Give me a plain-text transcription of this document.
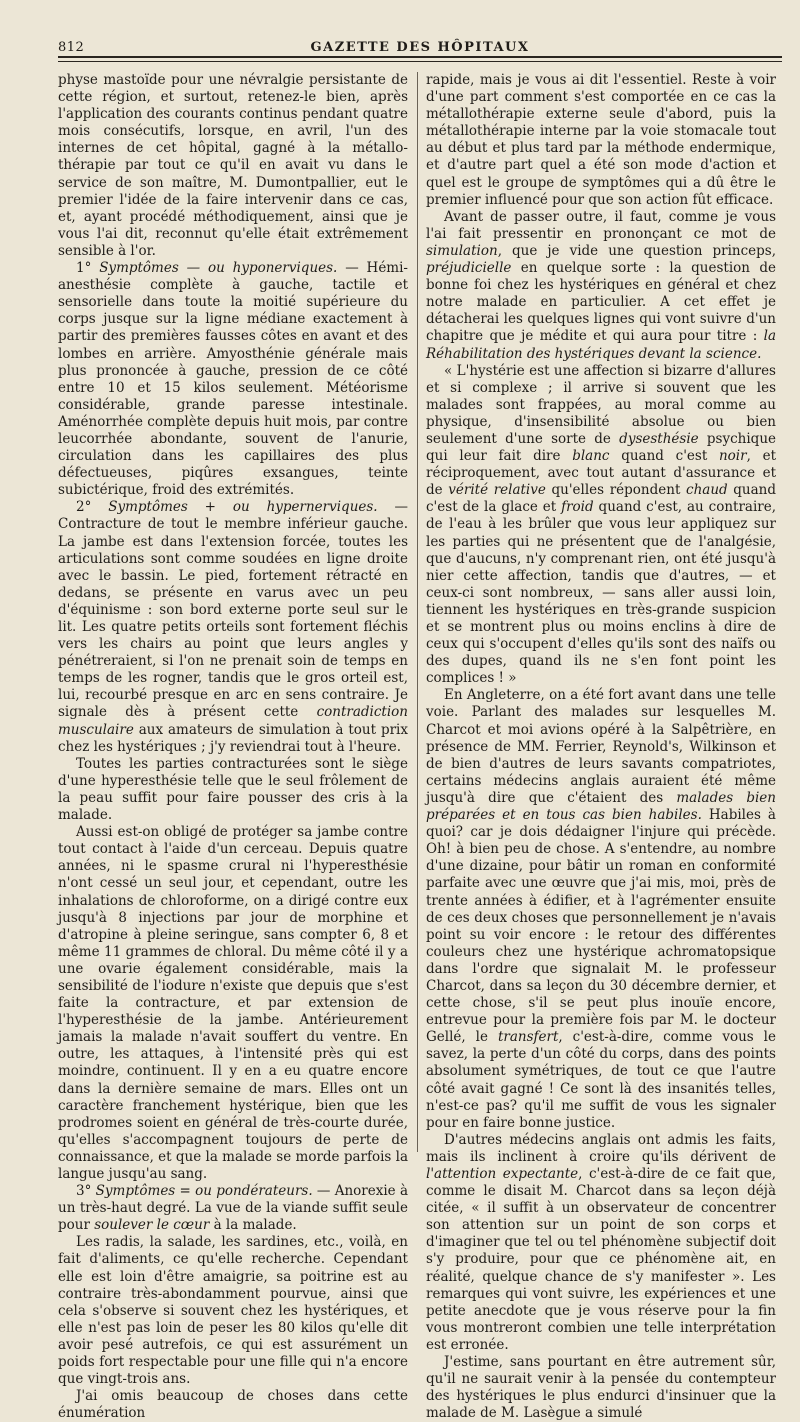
812	GAZETTE DES HÔPITAUX

physe mastoïde pour une névralgie persistante de cette région, et surtout, retenez-le bien, après l'application des courants continus pendant quatre mois consécutifs, lorsque, en avril, l'un des internes de cet hôpital, gagné à la métallo-thérapie par tout ce qu'il en avait vu dans le service de son maître, M. Dumontpallier, eut le premier l'idée de la faire intervenir dans ce cas, et, ayant procédé méthodiquement, ainsi que je vous l'ai dit, reconnut qu'elle était extrêmement sensible à l'or.

1° Symptômes — ou hyponerviques. — Hémi-anesthésie complète à gauche, tactile et sensorielle dans toute la moitié supérieure du corps jusque sur la ligne médiane exactement à partir des premières fausses côtes en avant et des lombes en arrière. Amyosthénie générale mais plus prononcée à gauche, pression de ce côté entre 10 et 15 kilos seulement. Météorisme considérable, grande paresse intestinale. Aménorrhée complète depuis huit mois, par contre leucorrhée abondante, souvent de l'anurie, circulation dans les capillaires des plus défectueuses, piqûres exsangues, teinte subictérique, froid des extrémités.

2° Symptômes + ou hypernerviques. — Contracture de tout le membre inférieur gauche. La jambe est dans l'extension forcée, toutes les articulations sont comme soudées en ligne droite avec le bassin. Le pied, fortement rétracté en dedans, se présente en varus avec un peu d'équinisme : son bord externe porte seul sur le lit. Les quatre petits orteils sont fortement fléchis vers les chairs au point que leurs angles y pénétreraient, si l'on ne prenait soin de temps en temps de les rogner, tandis que le gros orteil est, lui, recourbé presque en arc en sens contraire. Je signale dès à présent cette contradiction musculaire aux amateurs de simulation à tout prix chez les hystériques ; j'y reviendrai tout à l'heure.

Toutes les parties contracturées sont le siège d'une hyperesthésie telle que le seul frôlement de la peau suffit pour faire pousser des cris à la malade.

Aussi est-on obligé de protéger sa jambe contre tout contact à l'aide d'un cerceau. Depuis quatre années, ni le spasme crural ni l'hyperesthésie n'ont cessé un seul jour, et cependant, outre les inhalations de chloroforme, on a dirigé contre eux jusqu'à 8 injections par jour de morphine et d'atropine à pleine seringue, sans compter 6, 8 et même 11 grammes de chloral. Du même côté il y a une ovarie également considérable, mais la sensibilité de l'iodure n'existe que depuis que s'est faite la contracture, et par extension de l'hyperesthésie de la jambe. Antérieurement jamais la malade n'avait souffert du ventre. En outre, les attaques, à l'intensité près qui est moindre, continuent. Il y en a eu quatre encore dans la dernière semaine de mars. Elles ont un caractère franchement hystérique, bien que les prodromes soient en général de très-courte durée, qu'elles s'accompagnent toujours de perte de connaissance, et que la malade se morde parfois la langue jusqu'au sang.

3° Symptômes = ou pondérateurs. — Anorexie à un très-haut degré. La vue de la viande suffit seule pour soulever le cœur à la malade.

Les radis, la salade, les sardines, etc., voilà, en fait d'aliments, ce qu'elle recherche. Cependant elle est loin d'être amaigrie, sa poitrine est au contraire très-abondamment pourvue, ainsi que cela s'observe si souvent chez les hystériques, et elle n'est pas loin de peser les 80 kilos qu'elle dit avoir pesé autrefois, ce qui est assurément un poids fort respectable pour une fille qui n'a encore que vingt-trois ans.

J'ai omis beaucoup de choses dans cette énumération

rapide, mais je vous ai dit l'essentiel. Reste à voir d'une part comment s'est comportée en ce cas la métallothérapie externe seule d'abord, puis la métallothérapie interne par la voie stomacale tout au début et plus tard par la méthode endermique, et d'autre part quel a été son mode d'action et quel est le groupe de symptômes qui a dû être le premier influencé pour que son action fût efficace.

Avant de passer outre, il faut, comme je vous l'ai fait pressentir en prononçant ce mot de simulation, que je vide une question princeps, préjudicielle en quelque sorte : la question de bonne foi chez les hystériques en général et chez notre malade en particulier. A cet effet je détacherai les quelques lignes qui vont suivre d'un chapitre que je médite et qui aura pour titre : la Réhabilitation des hystériques devant la science.

« L'hystérie est une affection si bizarre d'allures et si complexe ; il arrive si souvent que les malades sont frappées, au moral comme au physique, d'insensibilité absolue ou bien seulement d'une sorte de dysesthésie psychique qui leur fait dire blanc quand c'est noir, et réciproquement, avec tout autant d'assurance et de vérité relative qu'elles répondent chaud quand c'est de la glace et froid quand c'est, au contraire, de l'eau à les brûler que vous leur appliquez sur les parties qui ne présentent que de l'analgésie, que d'aucuns, n'y comprenant rien, ont été jusqu'à nier cette affection, tandis que d'autres, — et ceux-ci sont nombreux, — sans aller aussi loin, tiennent les hystériques en très-grande suspicion et se montrent plus ou moins enclins à dire de ceux qui s'occupent d'elles qu'ils sont des naïfs ou des dupes, quand ils ne s'en font point les complices ! »

En Angleterre, on a été fort avant dans une telle voie. Parlant des malades sur lesquelles M. Charcot et moi avions opéré à la Salpêtrière, en présence de MM. Ferrier, Reynold's, Wilkinson et de bien d'autres de leurs savants compatriotes, certains médecins anglais auraient été même jusqu'à dire que c'étaient des malades bien préparées et en tous cas bien habiles. Habiles à quoi? car je dois dédaigner l'injure qui précède. Oh! à bien peu de chose. A s'entendre, au nombre d'une dizaine, pour bâtir un roman en conformité parfaite avec une œuvre que j'ai mis, moi, près de trente années à édifier, et à l'agrémenter ensuite de ces deux choses que personnellement je n'avais point su voir encore : le retour des différentes couleurs chez une hystérique achromatopsique dans l'ordre que signalait M. le professeur Charcot, dans sa leçon du 30 décembre dernier, et cette chose, s'il se peut plus inouïe encore, entrevue pour la première fois par M. le docteur Gellé, le transfert, c'est-à-dire, comme vous le savez, la perte d'un côté du corps, dans des points absolument symétriques, de tout ce que l'autre côté avait gagné ! Ce sont là des insanités telles, n'est-ce pas? qu'il me suffit de vous les signaler pour en faire bonne justice.

D'autres médecins anglais ont admis les faits, mais ils inclinent à croire qu'ils dérivent de l'attention expectante, c'est-à-dire de ce fait que, comme le disait M. Charcot dans sa leçon déjà citée, « il suffit à un observateur de concentrer son attention sur un point de son corps et d'imaginer que tel ou tel phénomène subjectif doit s'y produire, pour que ce phénomène ait, en réalité, quelque chance de s'y manifester ». Les remarques qui vont suivre, les expériences et une petite anecdote que je vous réserve pour la fin vous montreront combien une telle interprétation est erronée.

J'estime, sans pourtant en être autrement sûr, qu'il ne saurait venir à la pensée du contempteur des hystériques le plus endurci d'insinuer que la malade de M. Lasègue a simulé
